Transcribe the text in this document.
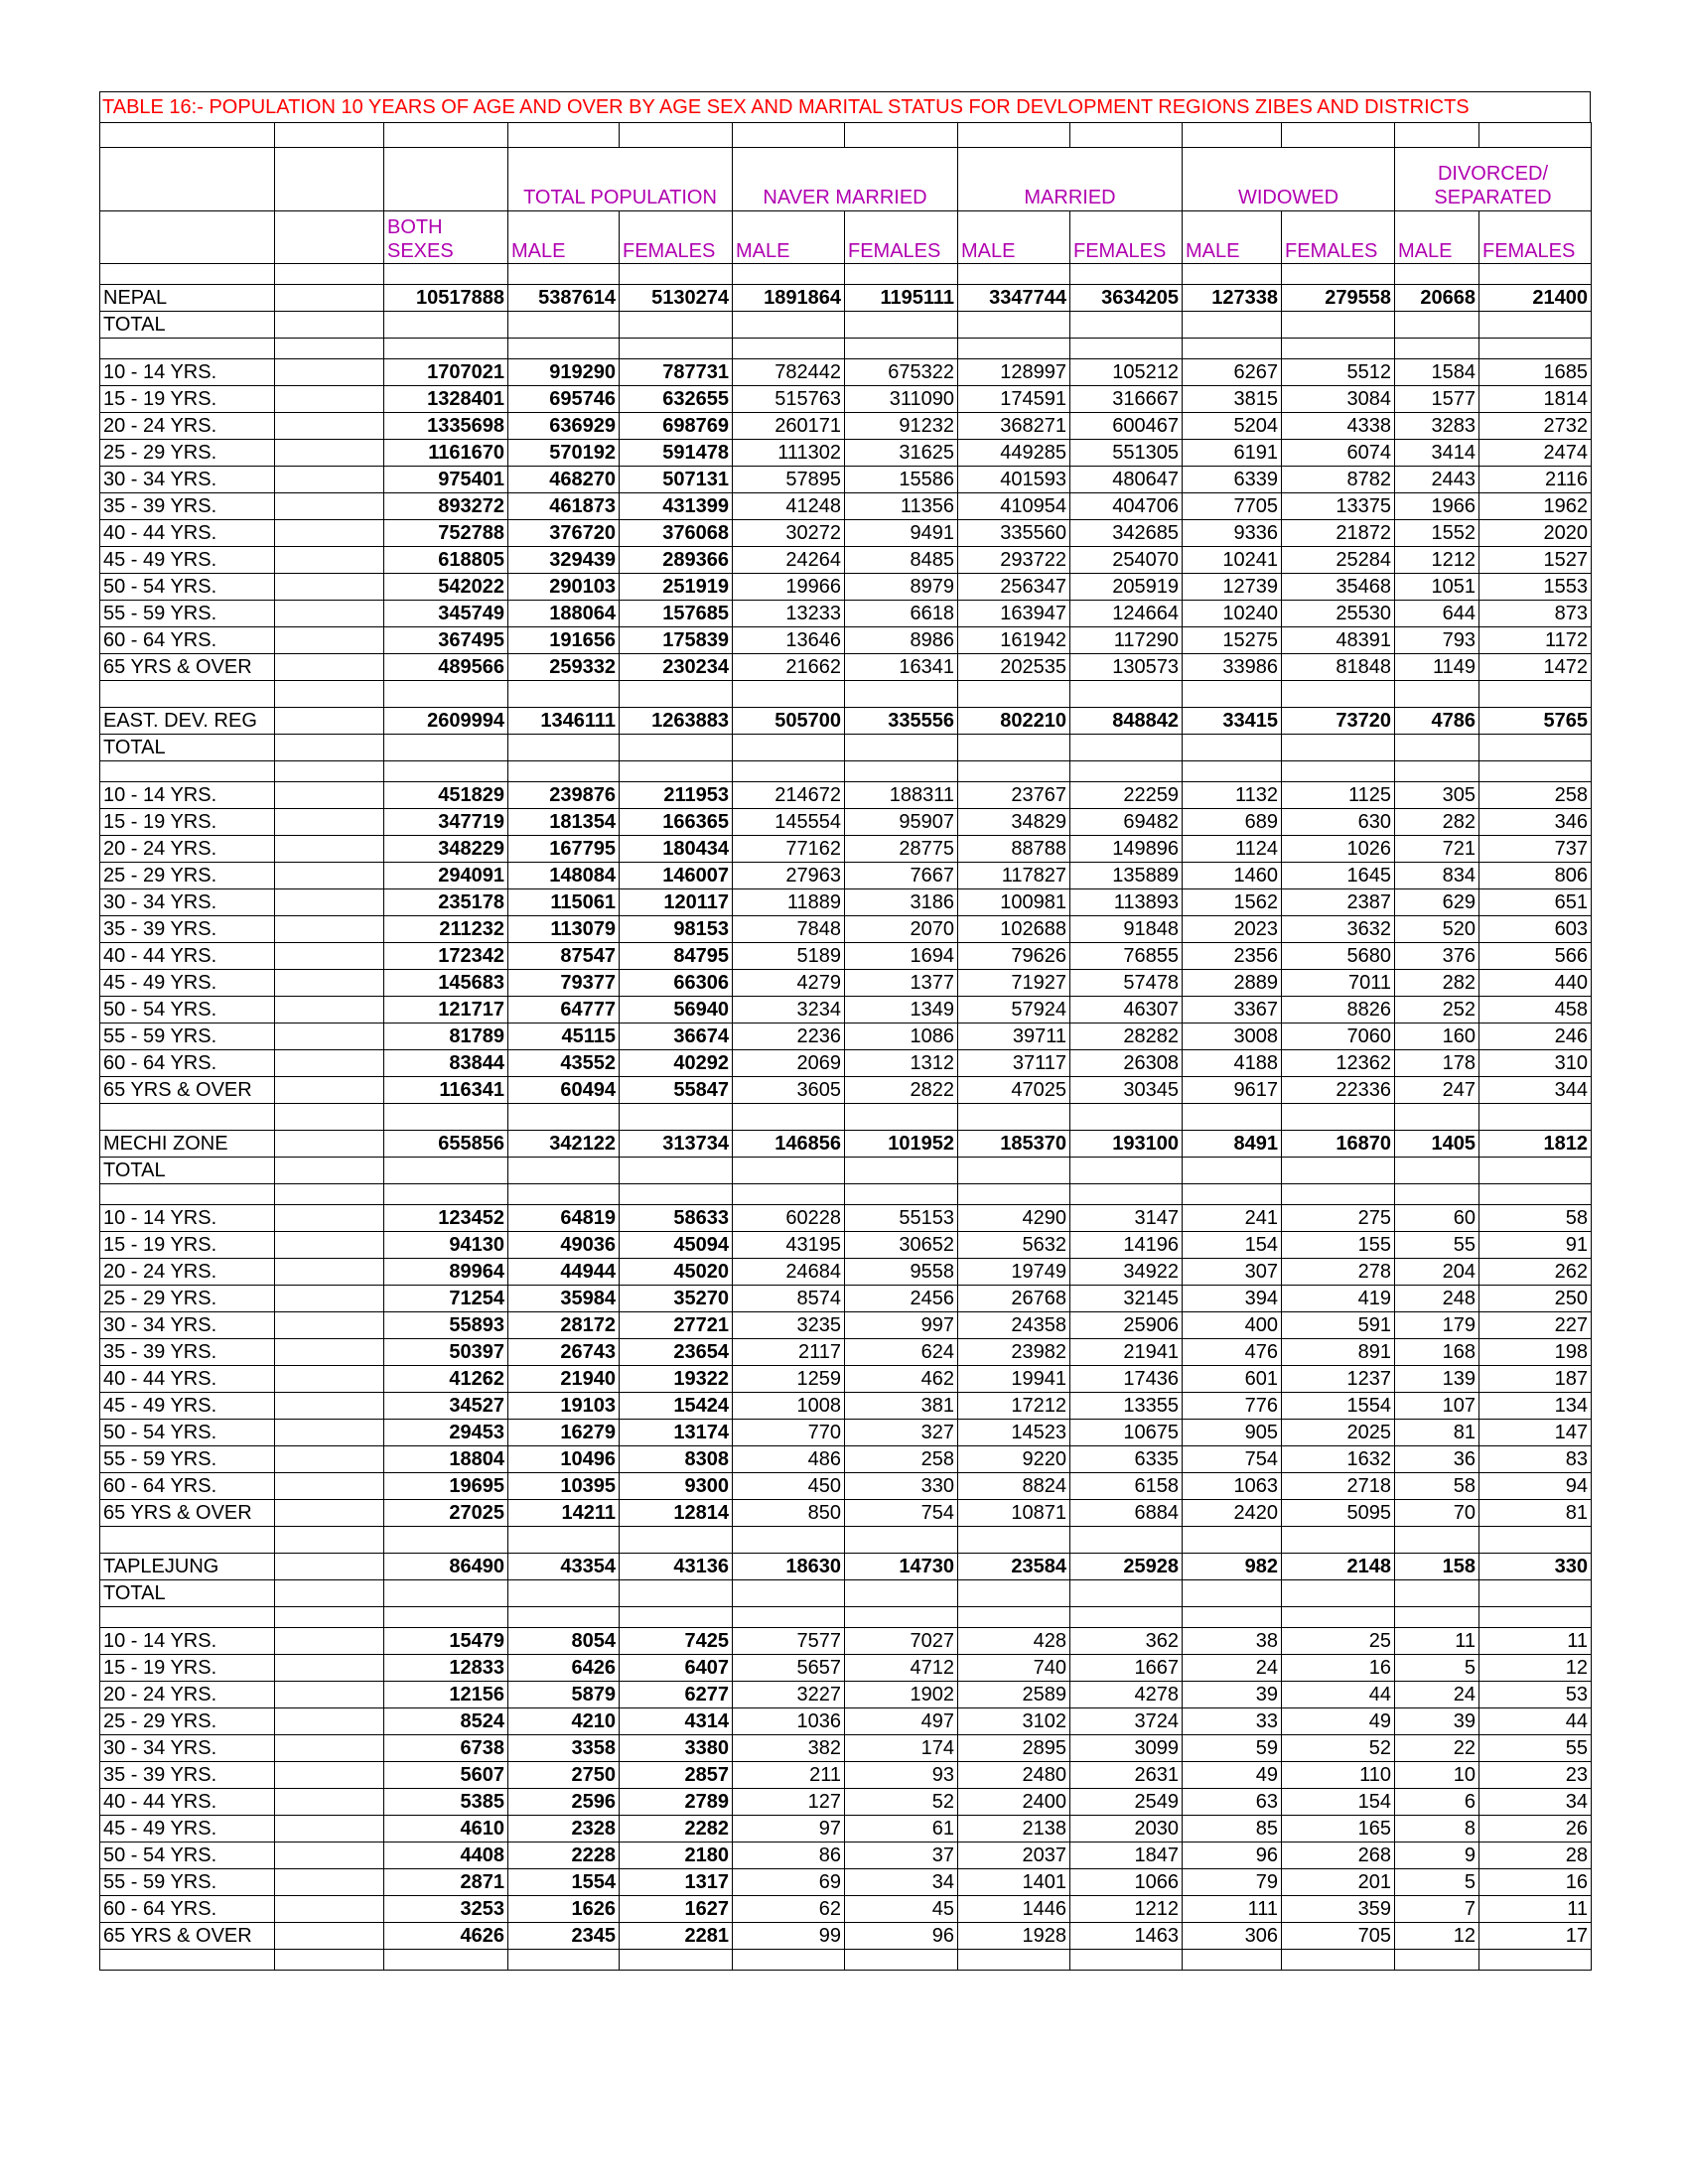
TABLE 16:- POPULATION 10 YEARS OF AGE AND OVER BY AGE SEX AND MARITAL STATUS FOR DEVLOPMENT REGIONS ZIBES AND DISTRICTS

			TOTAL POPULATION		NAVER MARRIED		MARRIED		WIDOWED		DIVORCED/ SEPARATED	
		BOTH SEXES	MALE	FEMALES	MALE	FEMALES	MALE	FEMALES	MALE	FEMALES	MALE	FEMALES

NEPAL		10517888	5387614	5130274	1891864	1195111	3347744	3634205	127338	279558	20668	21400
TOTAL												

10 - 14 YRS.		1707021	919290	787731	782442	675322	128997	105212	6267	5512	1584	1685
15 - 19 YRS.		1328401	695746	632655	515763	311090	174591	316667	3815	3084	1577	1814
20 - 24 YRS.		1335698	636929	698769	260171	91232	368271	600467	5204	4338	3283	2732
25 - 29 YRS.		1161670	570192	591478	111302	31625	449285	551305	6191	6074	3414	2474
30 - 34 YRS.		975401	468270	507131	57895	15586	401593	480647	6339	8782	2443	2116
35 - 39 YRS.		893272	461873	431399	41248	11356	410954	404706	7705	13375	1966	1962
40 - 44 YRS.		752788	376720	376068	30272	9491	335560	342685	9336	21872	1552	2020
45 - 49 YRS.		618805	329439	289366	24264	8485	293722	254070	10241	25284	1212	1527
50 - 54 YRS.		542022	290103	251919	19966	8979	256347	205919	12739	35468	1051	1553
55 - 59 YRS.		345749	188064	157685	13233	6618	163947	124664	10240	25530	644	873
60 - 64 YRS.		367495	191656	175839	13646	8986	161942	117290	15275	48391	793	1172
65 YRS & OVER		489566	259332	230234	21662	16341	202535	130573	33986	81848	1149	1472

EAST. DEV. REG		2609994	1346111	1263883	505700	335556	802210	848842	33415	73720	4786	5765
TOTAL												

10 - 14 YRS.		451829	239876	211953	214672	188311	23767	22259	1132	1125	305	258
15 - 19 YRS.		347719	181354	166365	145554	95907	34829	69482	689	630	282	346
20 - 24 YRS.		348229	167795	180434	77162	28775	88788	149896	1124	1026	721	737
25 - 29 YRS.		294091	148084	146007	27963	7667	117827	135889	1460	1645	834	806
30 - 34 YRS.		235178	115061	120117	11889	3186	100981	113893	1562	2387	629	651
35 - 39 YRS.		211232	113079	98153	7848	2070	102688	91848	2023	3632	520	603
40 - 44 YRS.		172342	87547	84795	5189	1694	79626	76855	2356	5680	376	566
45 - 49 YRS.		145683	79377	66306	4279	1377	71927	57478	2889	7011	282	440
50 - 54 YRS.		121717	64777	56940	3234	1349	57924	46307	3367	8826	252	458
55 - 59 YRS.		81789	45115	36674	2236	1086	39711	28282	3008	7060	160	246
60 - 64 YRS.		83844	43552	40292	2069	1312	37117	26308	4188	12362	178	310
65 YRS & OVER		116341	60494	55847	3605	2822	47025	30345	9617	22336	247	344

MECHI ZONE		655856	342122	313734	146856	101952	185370	193100	8491	16870	1405	1812
TOTAL												

10 - 14 YRS.		123452	64819	58633	60228	55153	4290	3147	241	275	60	58
15 - 19 YRS.		94130	49036	45094	43195	30652	5632	14196	154	155	55	91
20 - 24 YRS.		89964	44944	45020	24684	9558	19749	34922	307	278	204	262
25 - 29 YRS.		71254	35984	35270	8574	2456	26768	32145	394	419	248	250
30 - 34 YRS.		55893	28172	27721	3235	997	24358	25906	400	591	179	227
35 - 39 YRS.		50397	26743	23654	2117	624	23982	21941	476	891	168	198
40 - 44 YRS.		41262	21940	19322	1259	462	19941	17436	601	1237	139	187
45 - 49 YRS.		34527	19103	15424	1008	381	17212	13355	776	1554	107	134
50 - 54 YRS.		29453	16279	13174	770	327	14523	10675	905	2025	81	147
55 - 59 YRS.		18804	10496	8308	486	258	9220	6335	754	1632	36	83
60 - 64 YRS.		19695	10395	9300	450	330	8824	6158	1063	2718	58	94
65 YRS & OVER		27025	14211	12814	850	754	10871	6884	2420	5095	70	81

TAPLEJUNG		86490	43354	43136	18630	14730	23584	25928	982	2148	158	330
TOTAL												

10 - 14 YRS.		15479	8054	7425	7577	7027	428	362	38	25	11	11
15 - 19 YRS.		12833	6426	6407	5657	4712	740	1667	24	16	5	12
20 - 24 YRS.		12156	5879	6277	3227	1902	2589	4278	39	44	24	53
25 - 29 YRS.		8524	4210	4314	1036	497	3102	3724	33	49	39	44
30 - 34 YRS.		6738	3358	3380	382	174	2895	3099	59	52	22	55
35 - 39 YRS.		5607	2750	2857	211	93	2480	2631	49	110	10	23
40 - 44 YRS.		5385	2596	2789	127	52	2400	2549	63	154	6	34
45 - 49 YRS.		4610	2328	2282	97	61	2138	2030	85	165	8	26
50 - 54 YRS.		4408	2228	2180	86	37	2037	1847	96	268	9	28
55 - 59 YRS.		2871	1554	1317	69	34	1401	1066	79	201	5	16
60 - 64 YRS.		3253	1626	1627	62	45	1446	1212	111	359	7	11
65 YRS & OVER		4626	2345	2281	99	96	1928	1463	306	705	12	17
